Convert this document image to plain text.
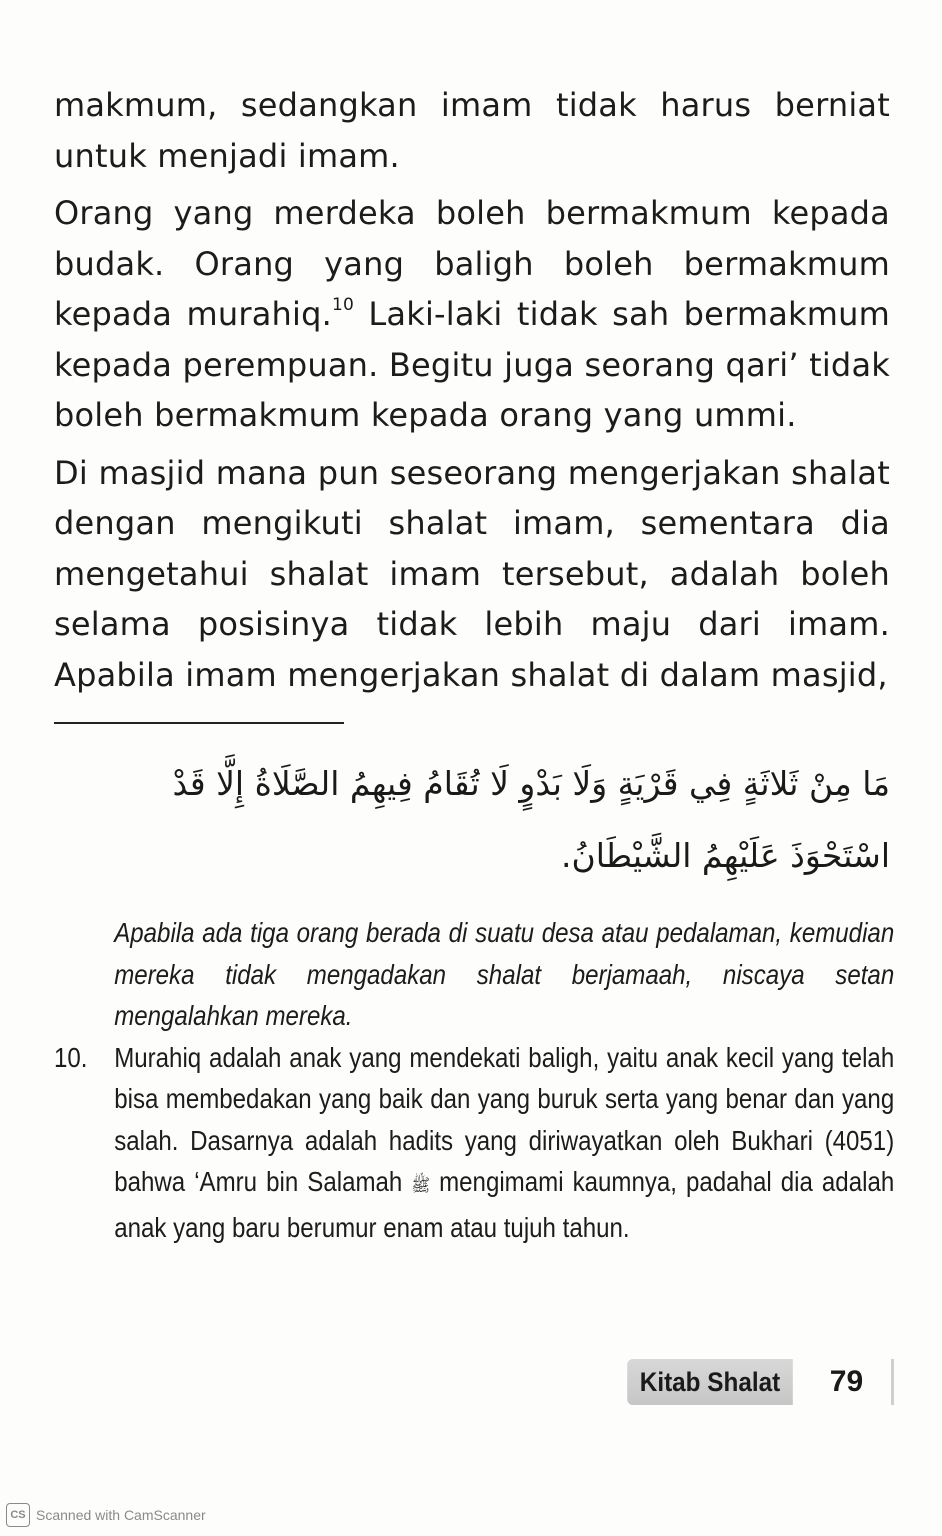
makmum, sedangkan imam tidak harus berniat untuk menjadi imam.

Orang yang merdeka boleh bermakmum kepada budak. Orang yang baligh boleh bermakmum kepada murahiq.$^{10}$ Laki-laki tidak sah bermakmum kepada perempuan. Begitu juga seorang qari’ tidak boleh bermakmum kepada orang yang ummi.

Di masjid mana pun seseorang mengerjakan shalat dengan mengikuti shalat imam, sementara dia mengetahui shalat imam tersebut, adalah boleh selama posisinya tidak lebih maju dari imam. Apabila imam mengerjakan shalat di dalam masjid,

مَا مِنْ ثَلاثَةٍ فِي قَرْيَةٍ وَلَا بَدْوٍ لَا تُقَامُ فِيهِمُ الصَّلَاةُ إِلَّا قَدْ
اسْتَحْوَذَ عَلَيْهِمُ الشَّيْطَانُ.
Apabila ada tiga orang berada di suatu desa atau pedalaman, kemudian mereka tidak mengadakan shalat berjamaah, niscaya setan mengalahkan mereka.
10. Murahiq adalah anak yang mendekati baligh, yaitu anak kecil yang telah bisa membedakan yang baik dan yang buruk serta yang benar dan yang salah. Dasarnya adalah hadits yang diriwayatkan oleh Bukhari (4051) bahwa ‘Amru bin Salamah ﷺ mengimami kaumnya, padahal dia adalah anak yang baru berumur enam atau tujuh tahun.
Kitab Shalat	79
CS Scanned with CamScanner
